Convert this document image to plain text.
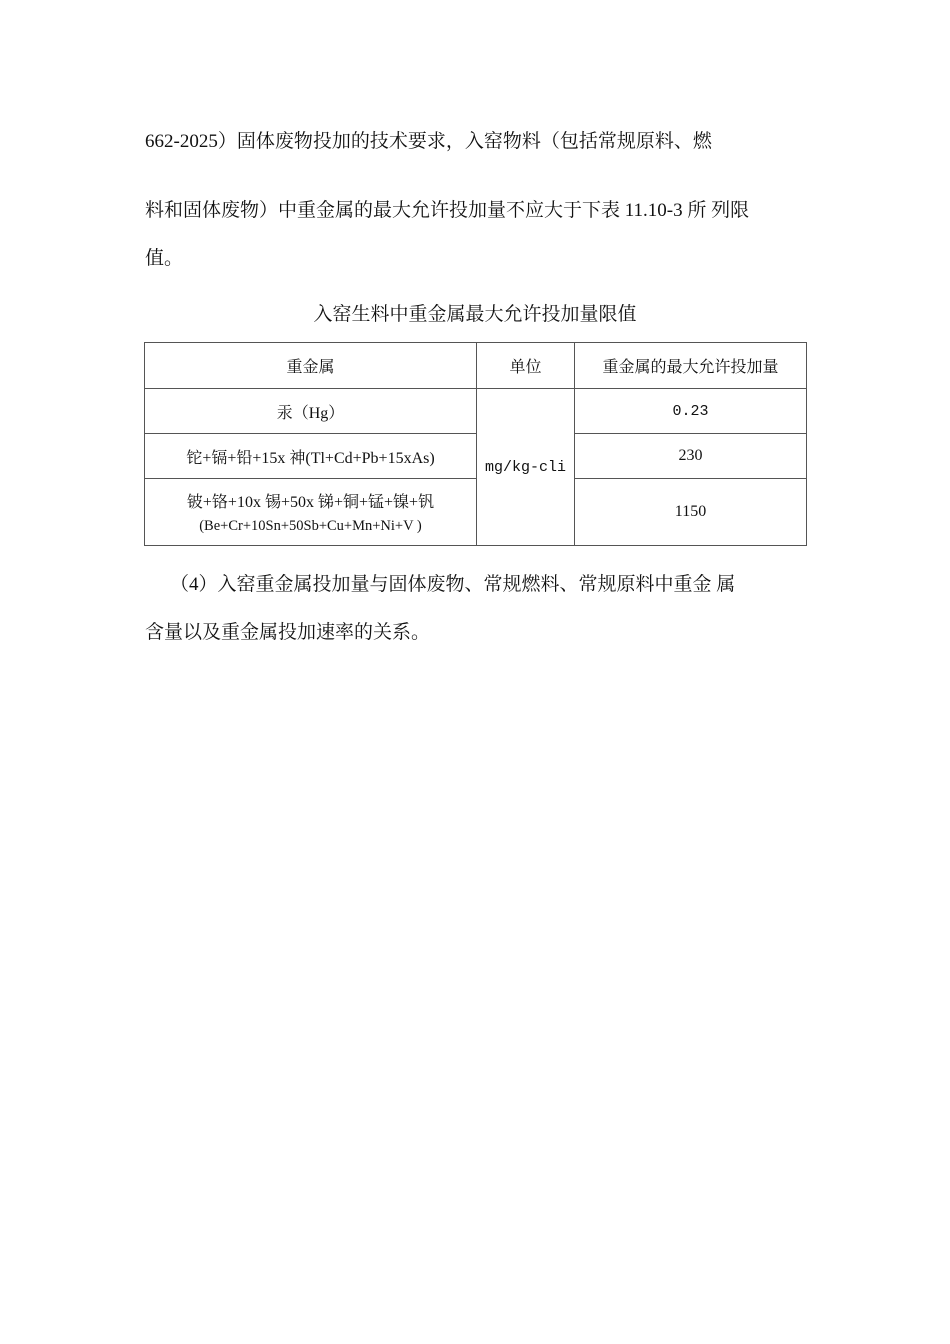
662-2025）固体废物投加的技术要求，入窑物料（包括常规原料、燃
料和固体废物）中重金属的最大允许投加量不应大于下表 11.10-3 所 列限
值。
入窑生料中重金属最大允许投加量限值
重金属	单位	重金属的最大允许投加量
汞（Hg）	mg/kg-cli	0.23
铊+镉+铅+15x 神(Tl+Cd+Pb+15xAs)		230
铍+铬+10x 锡+50x 锑+铜+锰+镍+钒
(Be+Cr+10Sn+50Sb+Cu+Mn+Ni+V )		1150
（4）入窑重金属投加量与固体废物、常规燃料、常规原料中重金 属
含量以及重金属投加速率的关系。
